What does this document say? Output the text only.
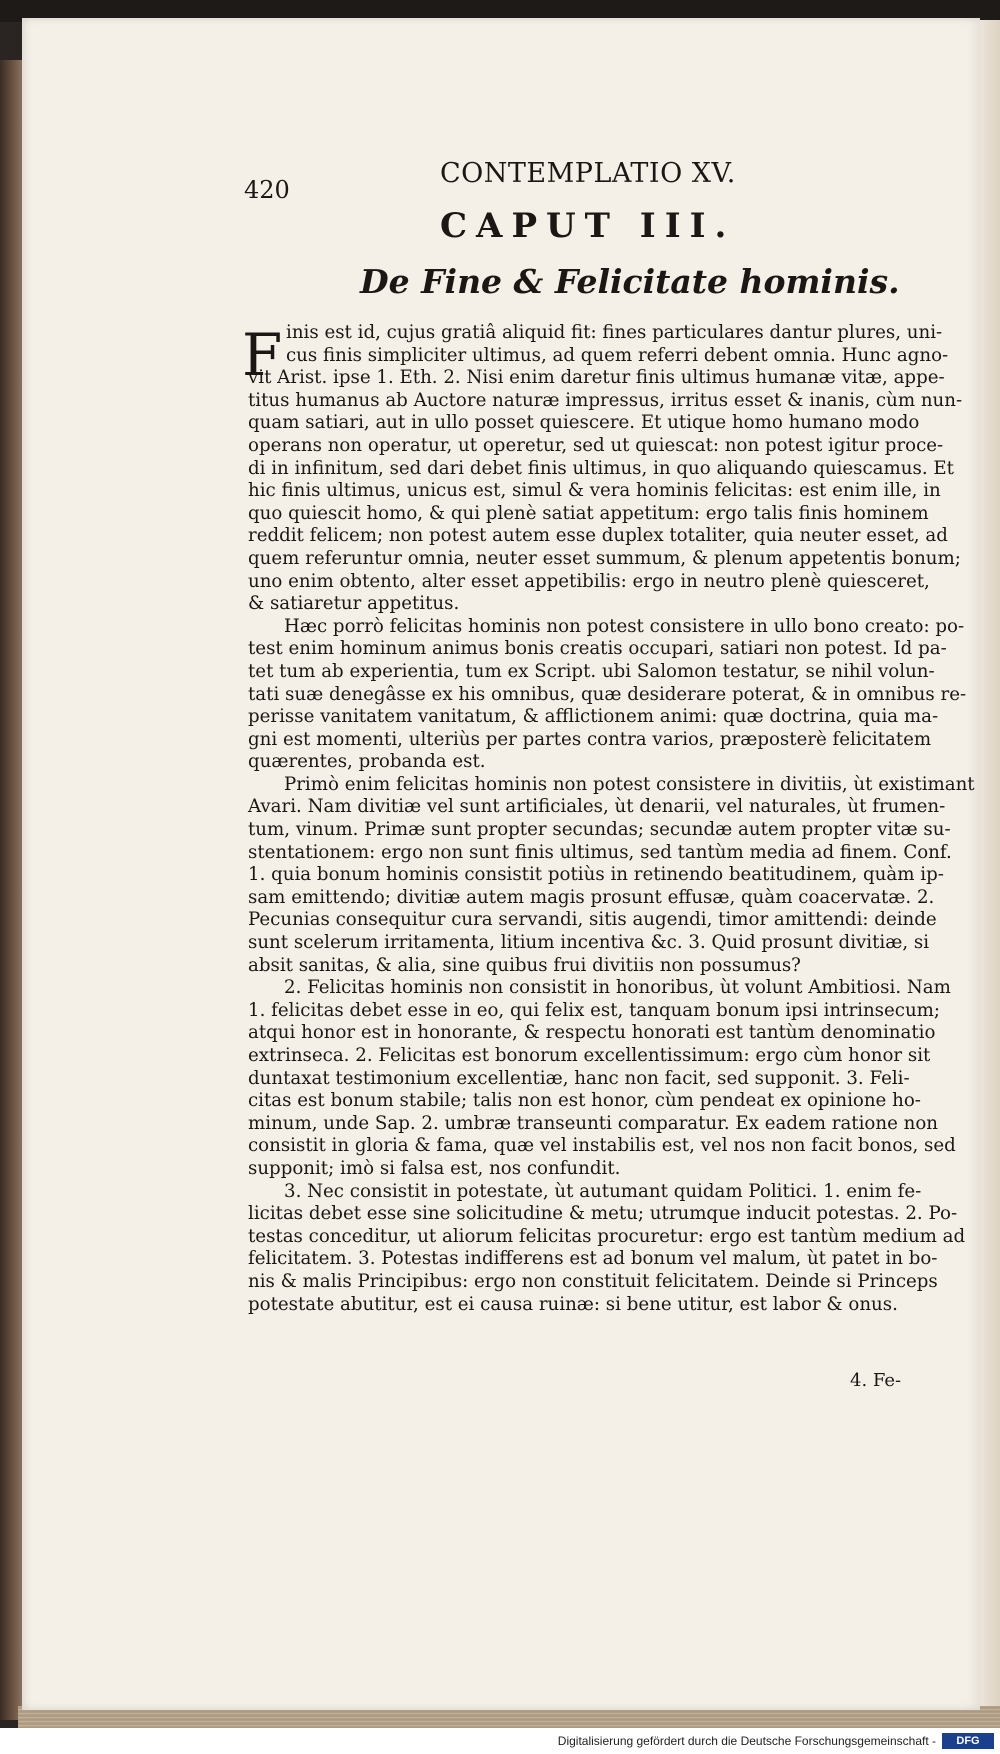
420
CONTEMPLATIO XV.
CAPUT III.
De Fine & Felicitate hominis.
F inis est id, cujus gratiâ aliquid fit: fines particulares dantur plures, uni-
cus finis simpliciter ultimus, ad quem referri debent omnia. Hunc agno-
vit Arist. ipse 1. Eth. 2. Nisi enim daretur finis ultimus humanæ vitæ, appe-
titus humanus ab Auctore naturæ impressus, irritus esset & inanis, cùm nun-
quam satiari, aut in ullo posset quiescere. Et utique homo humano modo
operans non operatur, ut operetur, sed ut quiescat: non potest igitur proce-
di in infinitum, sed dari debet finis ultimus, in quo aliquando quiescamus. Et
hic finis ultimus, unicus est, simul & vera hominis felicitas: est enim ille, in
quo quiescit homo, & qui plenè satiat appetitum: ergo talis finis hominem
reddit felicem; non potest autem esse duplex totaliter, quia neuter esset, ad
quem referuntur omnia, neuter esset summum, & plenum appetentis bonum;
uno enim obtento, alter esset appetibilis: ergo in neutro plenè quiesceret,
& satiaretur appetitus.
Hæc porrò felicitas hominis non potest consistere in ullo bono creato: po-
test enim hominum animus bonis creatis occupari, satiari non potest. Id pa-
tet tum ab experientia, tum ex Script. ubi Salomon testatur, se nihil volun-
tati suæ denegâsse ex his omnibus, quæ desiderare poterat, & in omnibus re-
perisse vanitatem vanitatum, & afflictionem animi: quæ doctrina, quia ma-
gni est momenti, ulteriùs per partes contra varios, præposterè felicitatem
quærentes, probanda est.
Primò enim felicitas hominis non potest consistere in divitiis, ùt existimant
Avari. Nam divitiæ vel sunt artificiales, ùt denarii, vel naturales, ùt frumen-
tum, vinum. Primæ sunt propter secundas; secundæ autem propter vitæ su-
stentationem: ergo non sunt finis ultimus, sed tantùm media ad finem. Conf.
1. quia bonum hominis consistit potiùs in retinendo beatitudinem, quàm ip-
sam emittendo; divitiæ autem magis prosunt effusæ, quàm coacervatæ. 2.
Pecunias consequitur cura servandi, sitis augendi, timor amittendi: deinde
sunt scelerum irritamenta, litium incentiva &c. 3. Quid prosunt divitiæ, si
absit sanitas, & alia, sine quibus frui divitiis non possumus?
2. Felicitas hominis non consistit in honoribus, ùt volunt Ambitiosi. Nam
1. felicitas debet esse in eo, qui felix est, tanquam bonum ipsi intrinsecum;
atqui honor est in honorante, & respectu honorati est tantùm denominatio
extrinseca. 2. Felicitas est bonorum excellentissimum: ergo cùm honor sit
duntaxat testimonium excellentiæ, hanc non facit, sed supponit. 3. Feli-
citas est bonum stabile; talis non est honor, cùm pendeat ex opinione ho-
minum, unde Sap. 2. umbræ transeunti comparatur. Ex eadem ratione non
consistit in gloria & fama, quæ vel instabilis est, vel nos non facit bonos, sed
supponit; imò si falsa est, nos confundit.
3. Nec consistit in potestate, ùt autumant quidam Politici. 1. enim fe-
licitas debet esse sine solicitudine & metu; utrumque inducit potestas. 2. Po-
testas conceditur, ut aliorum felicitas procuretur: ergo est tantùm medium ad
felicitatem. 3. Potestas indifferens est ad bonum vel malum, ùt patet in bo-
nis & malis Principibus: ergo non constituit felicitatem. Deinde si Princeps
potestate abutitur, est ei causa ruinæ: si bene utitur, est labor & onus.
4. Fe-
Digitalisierung gefördert durch die Deutsche Forschungsgemeinschaft -	DFG
